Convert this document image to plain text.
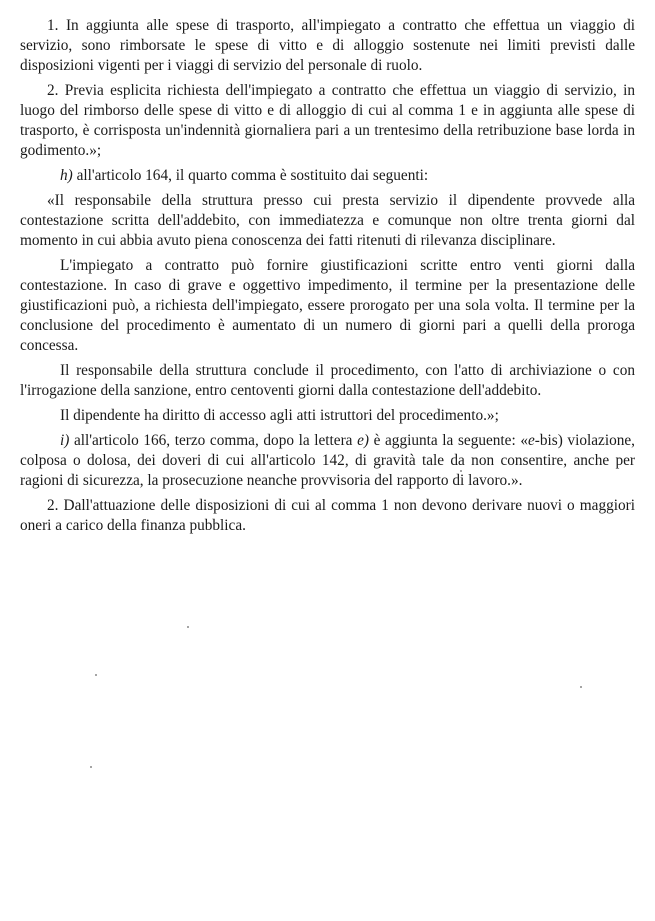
1. In aggiunta alle spese di trasporto, all'impiegato a contratto che effettua un viaggio di servizio, sono rimborsate le spese di vitto e di alloggio sostenute nei limiti previsti dalle disposizioni vigenti per i viaggi di servizio del personale di ruolo.

2. Previa esplicita richiesta dell'impiegato a contratto che effettua un viaggio di servizio, in luogo del rimborso delle spese di vitto e di alloggio di cui al comma 1 e in aggiunta alle spese di trasporto, è corrisposta un'indennità giornaliera pari a un trentesimo della retribuzione base lorda in godimento.»;

h) all'articolo 164, il quarto comma è sostituito dai seguenti:

«Il responsabile della struttura presso cui presta servizio il dipendente provvede alla contestazione scritta dell'addebito, con immediatezza e comunque non oltre trenta giorni dal momento in cui abbia avuto piena conoscenza dei fatti ritenuti di rilevanza disciplinare.

L'impiegato a contratto può fornire giustificazioni scritte entro venti giorni dalla contestazione. In caso di grave e oggettivo impedimento, il termine per la presentazione delle giustificazioni può, a richiesta dell'impiegato, essere prorogato per una sola volta. Il termine per la conclusione del procedimento è aumentato di un numero di giorni pari a quelli della proroga concessa.

Il responsabile della struttura conclude il procedimento, con l'atto di archiviazione o con l'irrogazione della sanzione, entro centoventi giorni dalla contestazione dell'addebito.

Il dipendente ha diritto di accesso agli atti istruttori del procedimento.»;

i) all'articolo 166, terzo comma, dopo la lettera e) è aggiunta la seguente: «e-bis) violazione, colposa o dolosa, dei doveri di cui all'articolo 142, di gravità tale da non consentire, anche per ragioni di sicurezza, la prosecuzione neanche provvisoria del rapporto di lavoro.».

2. Dall'attuazione delle disposizioni di cui al comma 1 non devono derivare nuovi o maggiori oneri a carico della finanza pubblica.
